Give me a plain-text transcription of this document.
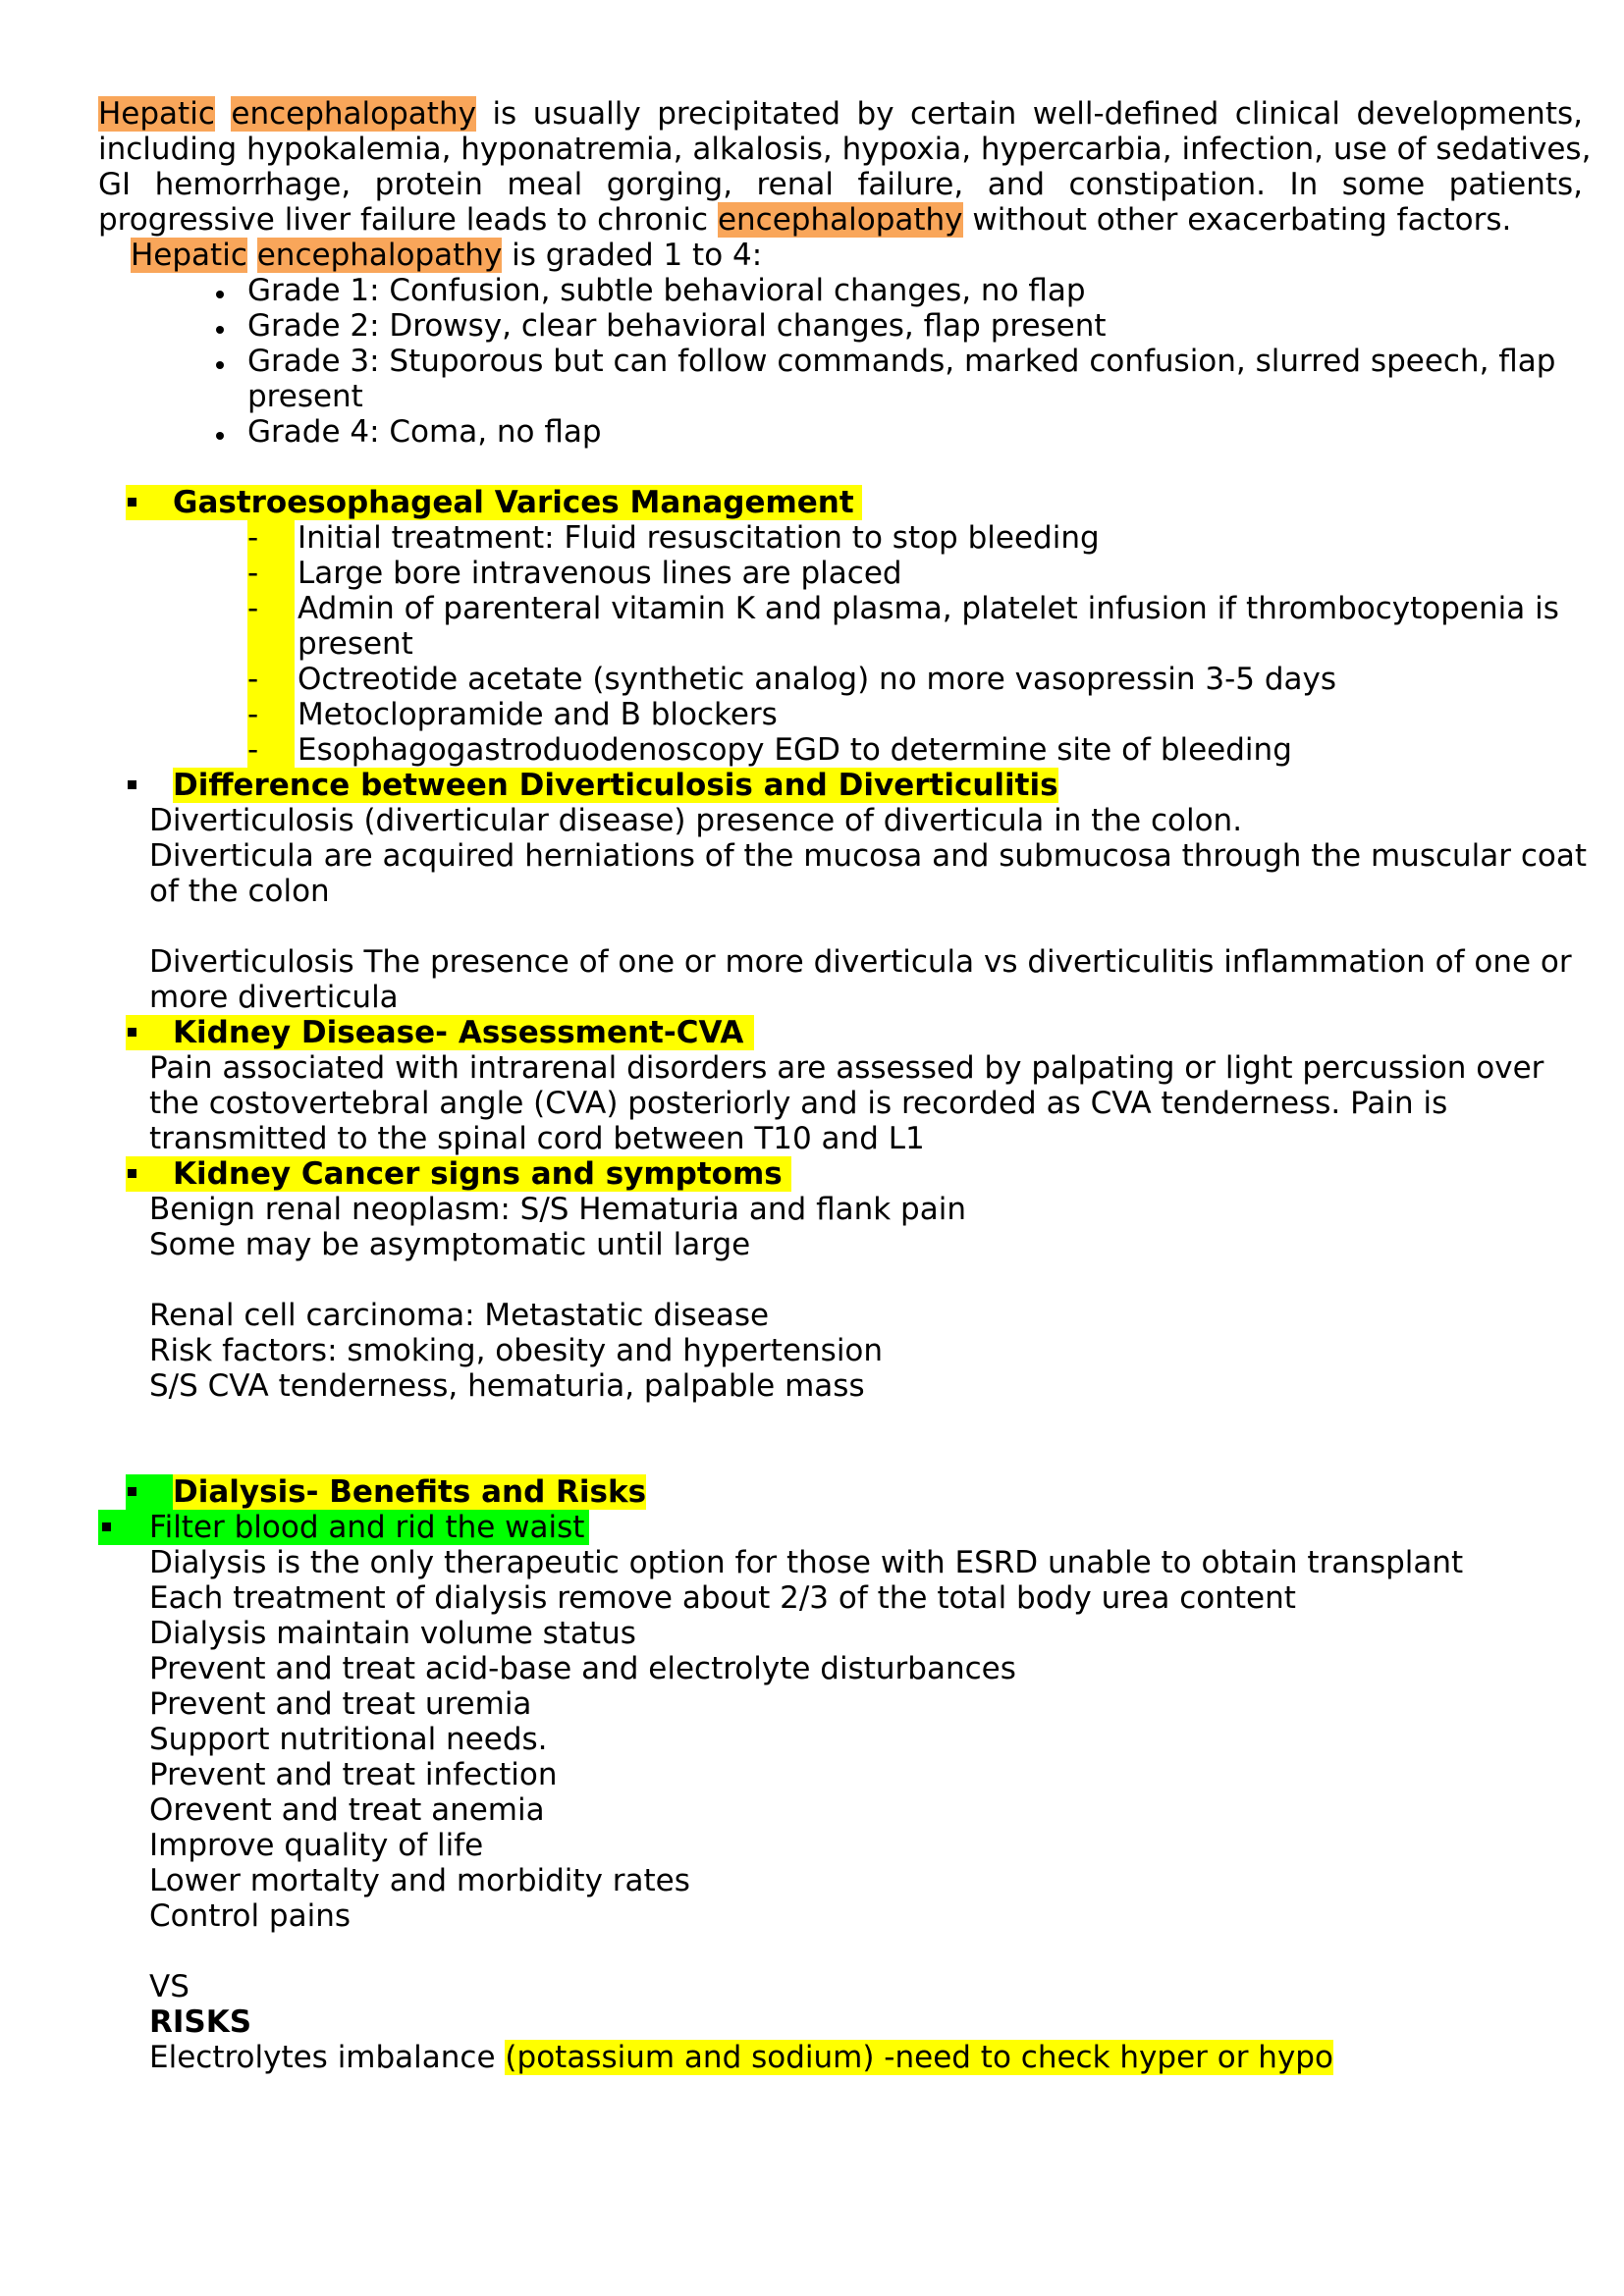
Hepatic encephalopathy is usually precipitated by certain well-defined clinical developments,
including hypokalemia, hyponatremia, alkalosis, hypoxia, hypercarbia, infection, use of sedatives,
GI hemorrhage, protein meal gorging, renal failure, and constipation. In some patients,
progressive liver failure leads to chronic encephalopathy without other exacerbating factors.
Hepatic encephalopathy is graded 1 to 4:
Grade 1: Confusion, subtle behavioral changes, no flap
Grade 2: Drowsy, clear behavioral changes, flap present
Grade 3: Stuporous but can follow commands, marked confusion, slurred speech, flap
present
Grade 4: Coma, no flap
Gastroesophageal Varices Management
-	Initial treatment: Fluid resuscitation to stop bleeding
-	Large bore intravenous lines are placed
-	Admin of parenteral vitamin K and plasma, platelet infusion if thrombocytopenia is
present
-	Octreotide acetate (synthetic analog) no more vasopressin 3-5 days
-	Metoclopramide and B blockers
-	Esophagogastroduodenoscopy EGD to determine site of bleeding
Difference between Diverticulosis and Diverticulitis
Diverticulosis (diverticular disease) presence of diverticula in the colon.
Diverticula are acquired herniations of the mucosa and submucosa through the muscular coat
of the colon
Diverticulosis The presence of one or more diverticula vs diverticulitis inflammation of one or
more diverticula
Kidney Disease- Assessment-CVA
Pain associated with intrarenal disorders are assessed by palpating or light percussion over
the costovertebral angle (CVA) posteriorly and is recorded as CVA tenderness. Pain is
transmitted to the spinal cord between T10 and L1
Kidney Cancer signs and symptoms
Benign renal neoplasm: S/S Hematuria and flank pain
Some may be asymptomatic until large
Renal cell carcinoma: Metastatic disease
Risk factors: smoking, obesity and hypertension
S/S CVA tenderness, hematuria, palpable mass
Dialysis- Benefits and Risks
Filter blood and rid the waist
Dialysis is the only therapeutic option for those with ESRD unable to obtain transplant
Each treatment of dialysis remove about 2/3 of the total body urea content
Dialysis maintain volume status
Prevent and treat acid-base and electrolyte disturbances
Prevent and treat uremia
Support nutritional needs.
Prevent and treat infection
Orevent and treat anemia
Improve quality of life
Lower mortalty and morbidity rates
Control pains
VS
RISKS
Electrolytes imbalance (potassium and sodium) -need to check hyper or hypo
